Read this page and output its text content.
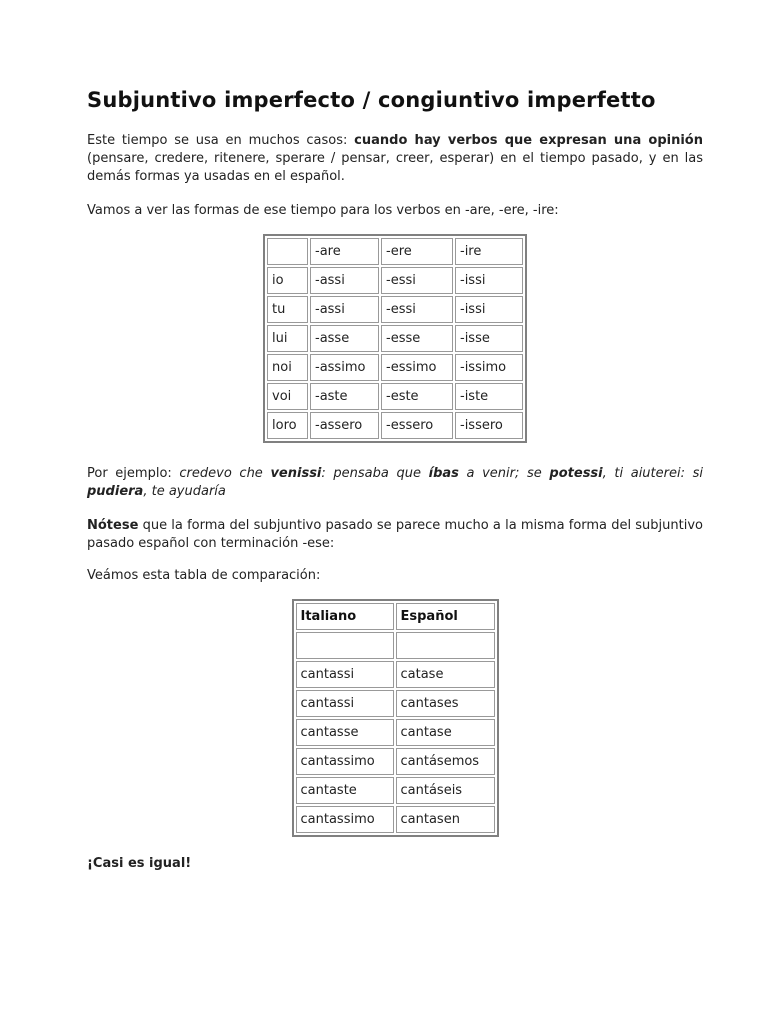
Subjuntivo imperfecto / congiuntivo imperfetto

Este tiempo se usa en muchos casos: cuando hay verbos que expresan una opinión (pensare, credere, ritenere, sperare / pensar, creer, esperar) en el tiempo pasado, y en las demás formas ya usadas en el español.

Vamos a ver las formas de ese tiempo para los verbos en -are, -ere, -ire:

	-are	-ere	-ire
io	-assi	-essi	-issi
tu	-assi	-essi	-issi
lui	-asse	-esse	-isse
noi	-assimo	-essimo	-issimo
voi	-aste	-este	-iste
loro	-assero	-essero	-issero

Por ejemplo: credevo che venissi: pensaba que íbas a venir; se potessi, ti aiuterei: si pudiera, te ayudaría

Nótese que la forma del subjuntivo pasado se parece mucho a la misma forma del subjuntivo pasado español con terminación -ese:

Veámos esta tabla de comparación:

Italiano	Español

cantassi	catase
cantassi	cantases
cantasse	cantase
cantassimo	cantásemos
cantaste	cantáseis
cantassimo	cantasen

¡Casi es igual!
